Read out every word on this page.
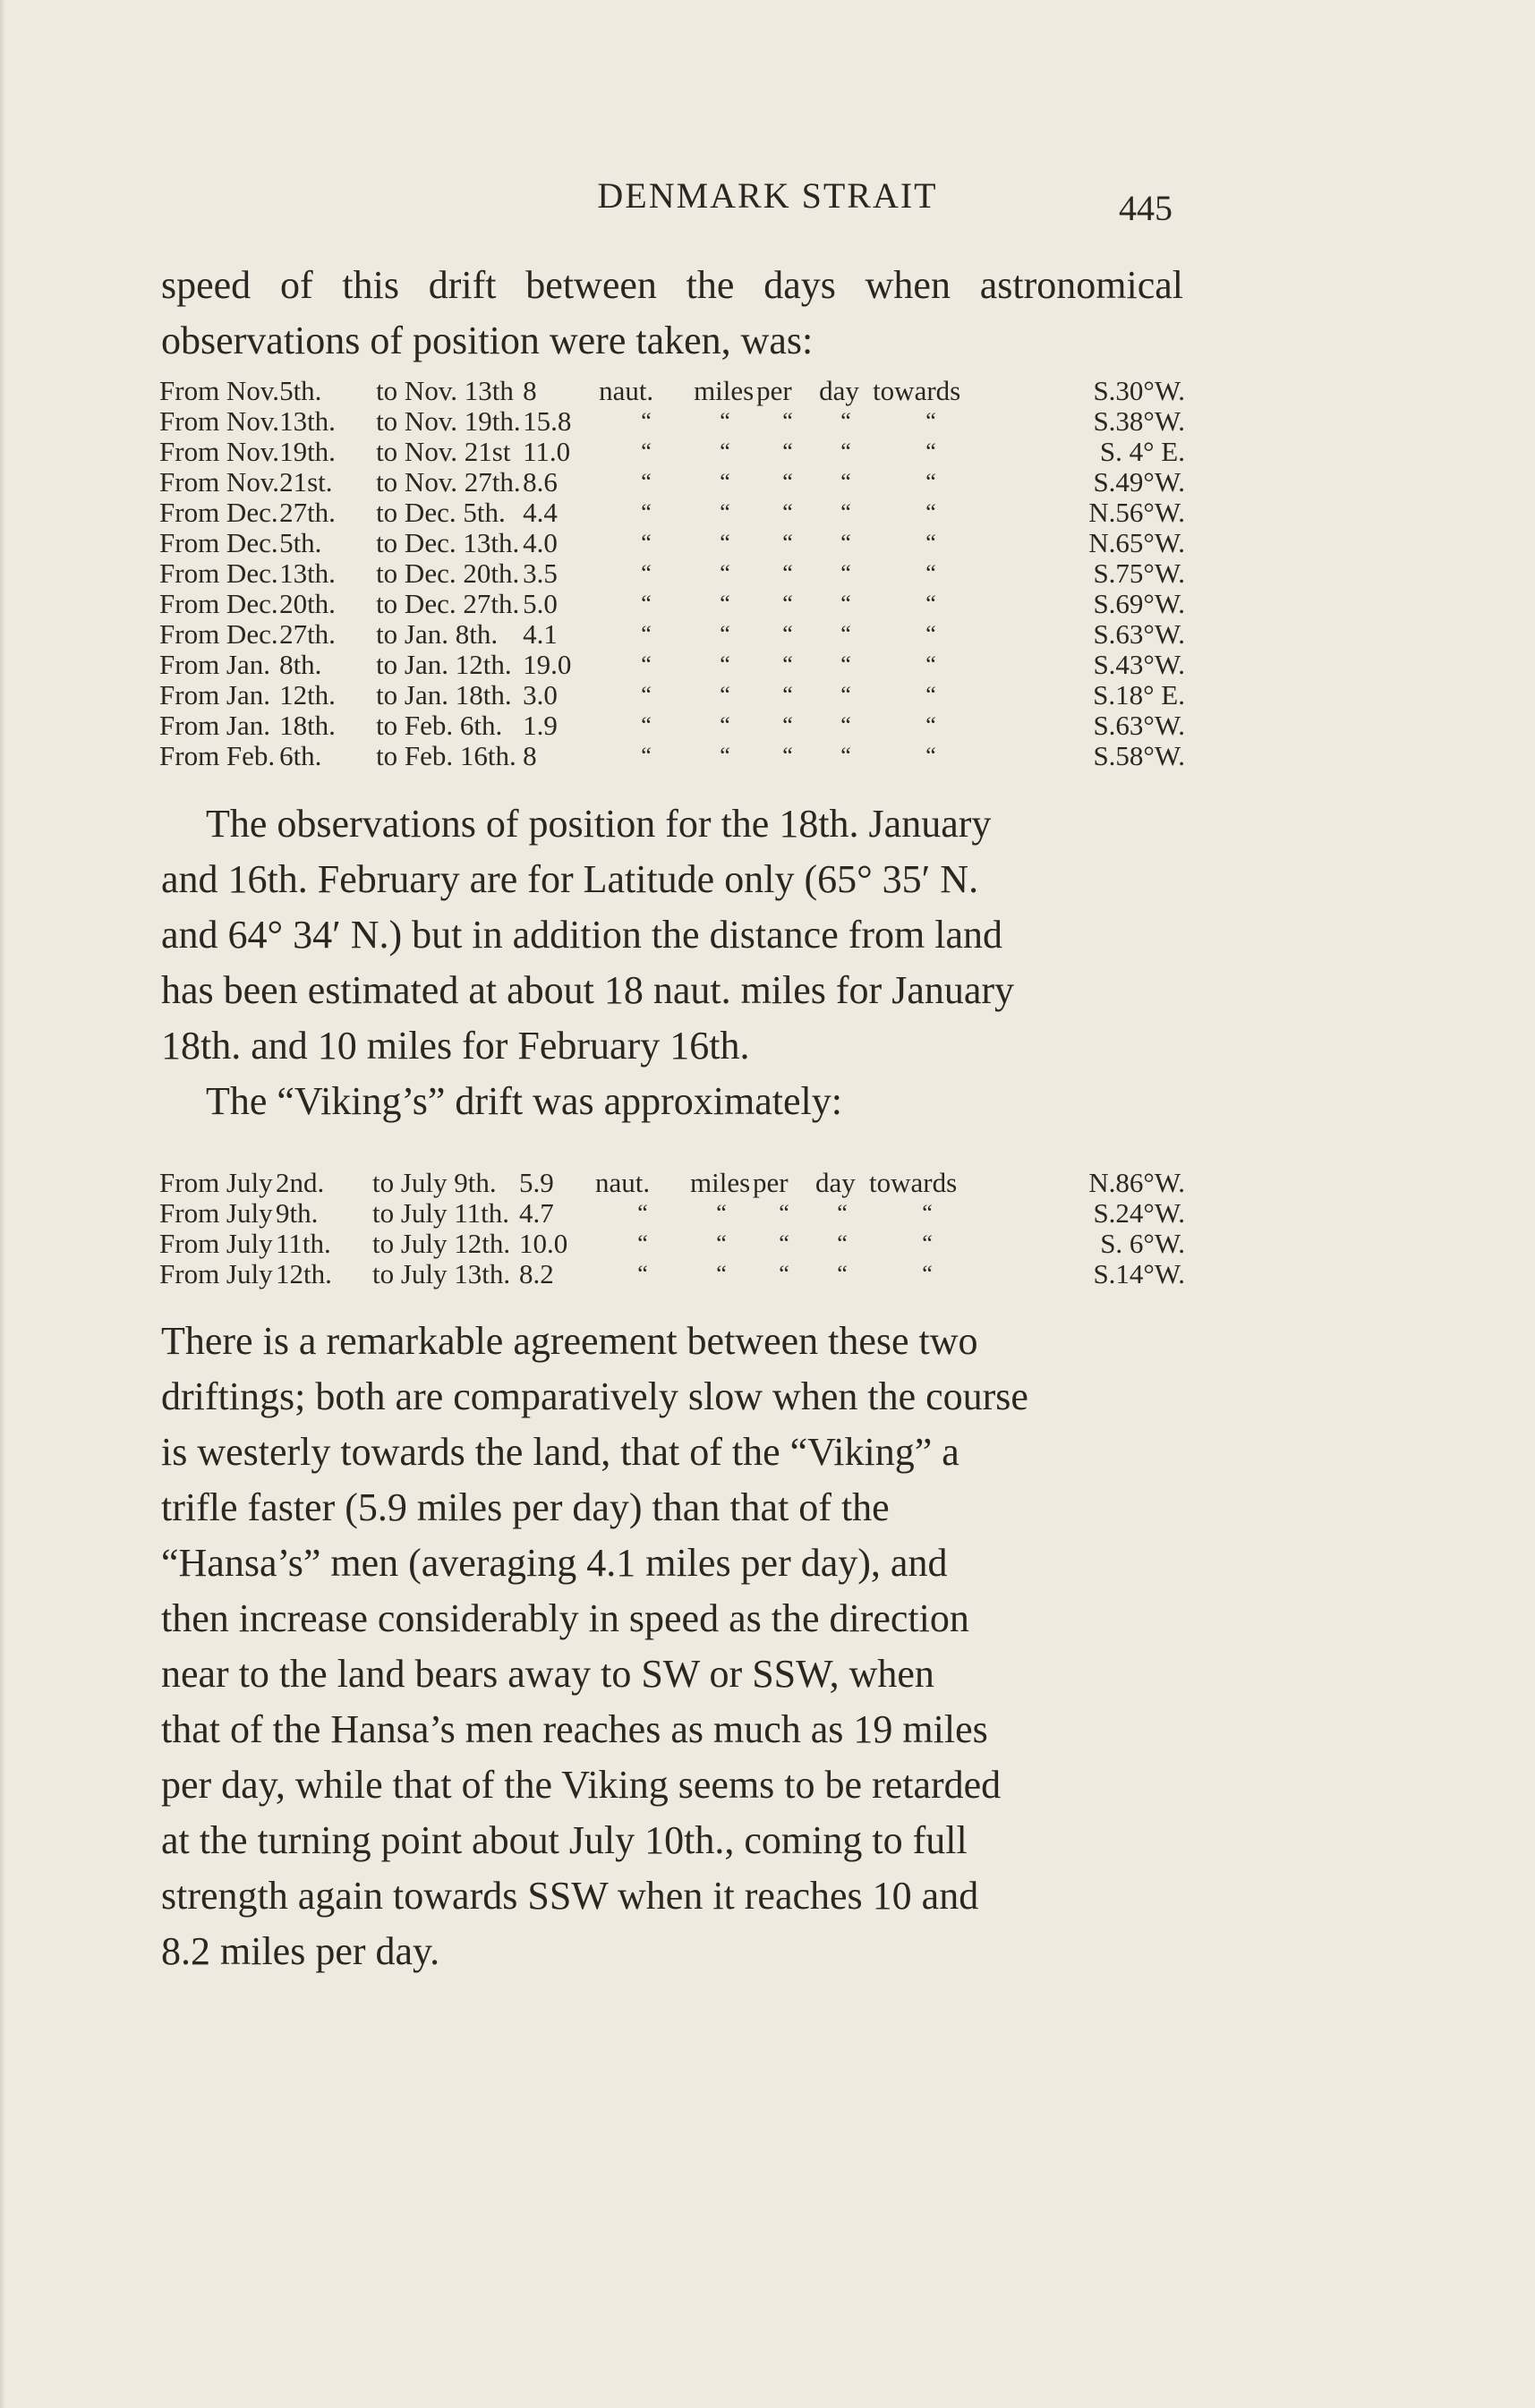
DENMARK STRAIT	445

speed of this drift between the days when astronomical
observations of position were taken, was:

From Nov.	5th.	to Nov. 13th	8	naut.	miles	per	day	towards	S.30°W.
From Nov.	13th.	to Nov. 19th.	15.8	“	“	“	“	“	S.38°W.
From Nov.	19th.	to Nov. 21st	11.0	“	“	“	“	“	S. 4° E.
From Nov.	21st.	to Nov. 27th.	8.6	“	“	“	“	“	S.49°W.
From Dec.	27th.	to Dec. 5th.	4.4	“	“	“	“	“	N.56°W.
From Dec.	5th.	to Dec. 13th.	4.0	“	“	“	“	“	N.65°W.
From Dec.	13th.	to Dec. 20th.	3.5	“	“	“	“	“	S.75°W.
From Dec.	20th.	to Dec. 27th.	5.0	“	“	“	“	“	S.69°W.
From Dec.	27th.	to Jan. 8th.	4.1	“	“	“	“	“	S.63°W.
From Jan.	8th.	to Jan. 12th.	19.0	“	“	“	“	“	S.43°W.
From Jan.	12th.	to Jan. 18th.	3.0	“	“	“	“	“	S.18° E.
From Jan.	18th.	to Feb. 6th.	1.9	“	“	“	“	“	S.63°W.
From Feb.	6th.	to Feb. 16th.	8	“	“	“	“	“	S.58°W.

The observations of position for the 18th. January
and 16th. February are for Latitude only (65° 35′ N.
and 64° 34′ N.) but in addition the distance from land
has been estimated at about 18 naut. miles for January
18th. and 10 miles for February 16th.
The “Viking’s” drift was approximately:

From July	2nd.	to July 9th.	5.9	naut.	miles	per	day	towards	N.86°W.
From July	9th.	to July 11th.	4.7	“	“	“	“	“	S.24°W.
From July	11th.	to July 12th.	10.0	“	“	“	“	“	S. 6°W.
From July	12th.	to July 13th.	8.2	“	“	“	“	“	S.14°W.

There is a remarkable agreement between these two
driftings; both are comparatively slow when the course
is westerly towards the land, that of the “Viking” a
trifle faster (5.9 miles per day) than that of the
“Hansa’s” men (averaging 4.1 miles per day), and
then increase considerably in speed as the direction
near to the land bears away to SW or SSW, when
that of the Hansa’s men reaches as much as 19 miles
per day, while that of the Viking seems to be retarded
at the turning point about July 10th., coming to full
strength again towards SSW when it reaches 10 and
8.2 miles per day.
